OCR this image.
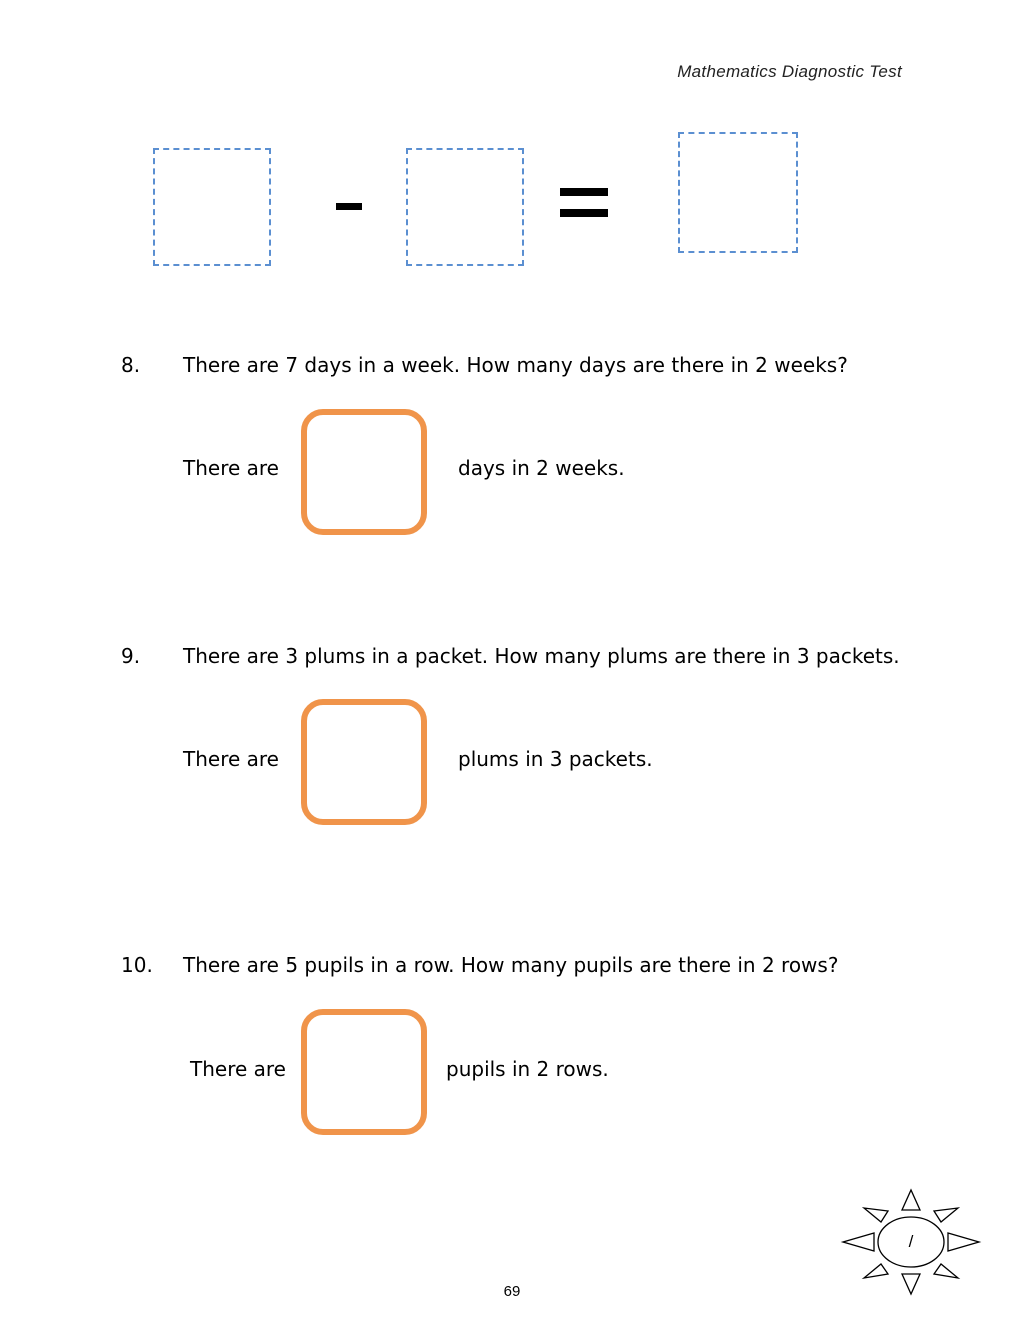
Mathematics Diagnostic Test
8. There are 7 days in a week. How many days are there in 2 weeks?
There are	days in 2 weeks.
9. There are 3 plums in a packet. How many plums are there in 3 packets.
There are	plums in 3 packets.
10. There are 5 pupils in a row. How many pupils are there in 2 rows?
There are	pupils in 2 rows.
/
69
